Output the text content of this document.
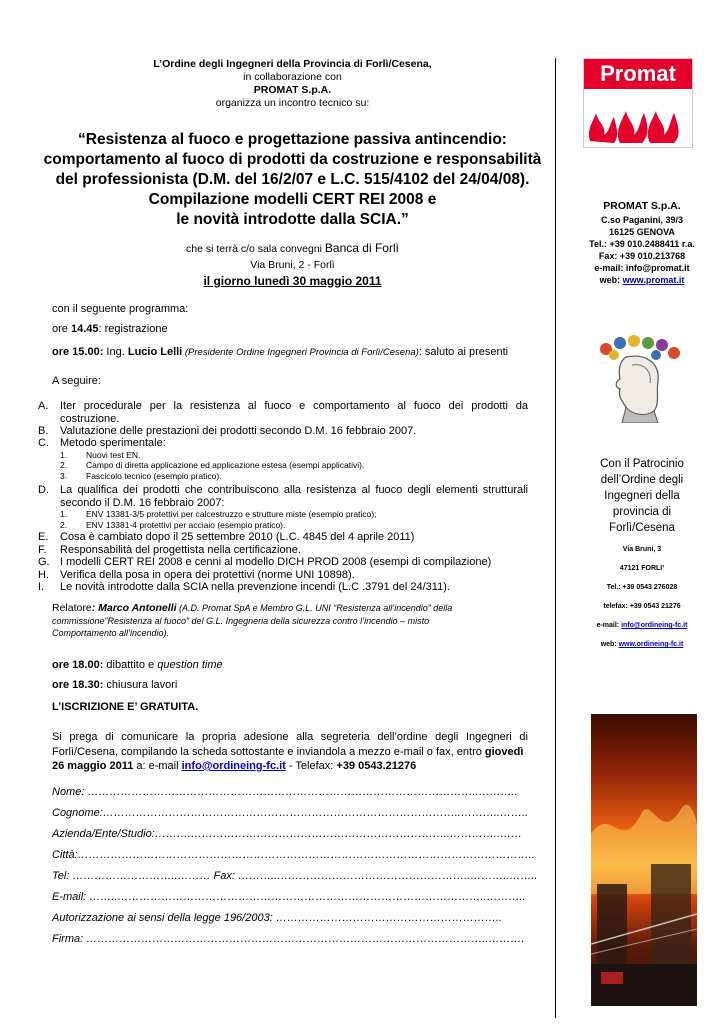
L’Ordine degli Ingegneri della Provincia di Forlì/Cesena,
in collaborazione con
PROMAT S.p.A.
organizza un incontro tecnico su:
“Resistenza al fuoco e progettazione passiva antincendio:
comportamento al fuoco di prodotti da costruzione e responsabilità
del professionista (D.M. del 16/2/07 e L.C. 515/4102 del 24/04/08).
Compilazione modelli CERT REI 2008 e
le novità introdotte dalla SCIA.”
che si terrà c/o sala convegni Banca di Forlì
Via Bruni, 2 - Forlì
il giorno lunedì 30 maggio 2011
con il seguente programma:
ore 14.45: registrazione
ore 15.00: Ing. Lucio Lelli (Presidente Ordine Ingegneri Provincia di Forlì/Cesena): saluto ai presenti
A seguire:
A.	Iter procedurale per la resistenza al fuoco e comportamento al fuoco dei prodotti da
costruzione.
B.	Valutazione delle prestazioni dei prodotti secondo D.M. 16 febbraio 2007.
C.	Metodo sperimentale:
1. Nuovi test EN.
2. Campo di diretta applicazione ed applicazione estesa (esempi applicativi).
3. Fascicolo tecnico (esempio pratico).
D.	La qualifica dei prodotti che contribuiscono alla resistenza al fuoco degli elementi strutturali
secondo il D.M. 16 febbraio 2007:
1. ENV 13381-3/5 protettivi per calcestruzzo e strutture miste (esempio pratico);
2. ENV 13381-4 protettivi per acciaio (esempio pratico).
E.	Cosa è cambiato dopo il 25 settembre 2010 (L.C. 4845 del 4 aprile 2011)
F.	Responsabilità del progettista nella certificazione.
G. I modelli CERT REI 2008 e cenni al modello DICH PROD 2008 (esempi di compilazione)
H.	Verifica della posa in opera dei protettivi (norme UNI 10898).
I.	Le novità introdotte dalla SCIA nella prevenzione incendi (L.C .3791 del 24/311).
Relatore: Marco Antonelli (A.D. Promat SpA e Membro G.L. UNI “Resistenza all’incendio” della
commissione”Resistenza al fuoco” del G.L. Ingegneria della sicurezza contro l’incendio – misto
Comportamento all’incendio).
ore 18.00: dibattito e question time
ore 18.30: chiusura lavori
L’ISCRIZIONE E’ GRATUITA.
Si prega di comunicare la propria adesione alla segreteria dell’ordine degli Ingegneri di
Forlì/Cesena, compilando la scheda sottostante e inviandola a mezzo e-mail o fax, entro giovedì
26 maggio 2011 a: e-mail info@ordineing-fc.it - Telefax: +39 0543.21276
Nome: ……………………………………………………………………………………………..………..
Cognome:……………………………………………………………………………………..………..……..
Azienda/Ente/Studio:……….……………………………………………………………..…………..……
Città:……………………………………………………………………………………………………………..
Tel: ………………………..……… Fax: ………..……………………………………………..………..……..
E-mail: ……..………………………………………………………………………………………..………..
Autorizzazione ai sensi della legge 196/2003: ……………………………………………………..
Firma: ………………………………………………………………………………………………..……….
Promat
PROMAT S.p.A.
C.so Paganini, 39/3
16125 GENOVA
Tel.: +39 010.2488411 r.a.
Fax: +39 010.213768
e-mail: info@promat.it
web: www.promat.it
Con il Patrocinio
dell’Ordine degli
Ingegneri della
provincia di
Forlì/Cesena
Via Bruni, 3
47121 FORLI’
Tel.: +39 0543 276028
telefax: +39 0543 21276
e-mail: info@ordineing-fc.it
web: www.ordineing-fc.it
